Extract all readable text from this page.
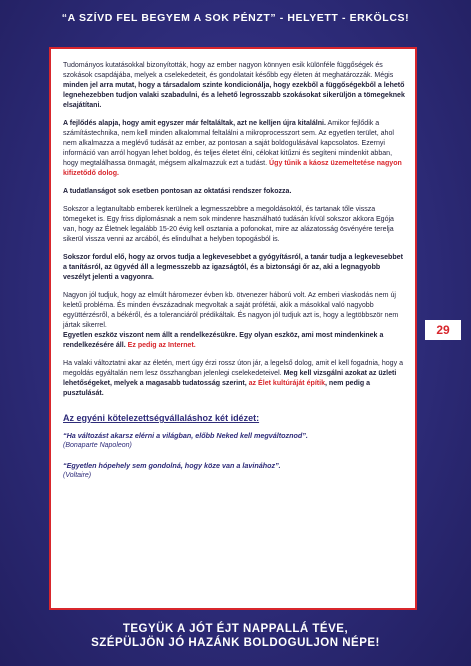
“A SZÍVD FEL BEGYEM A SOK PÉNZT” - HELYETT - ERKÖLCS!

Tudományos kutatásokkal bizonyították, hogy az ember nagyon könnyen esik különféle függőségek és szokások csapdájába, melyek a cselekedeteit, és gondolatait később egy életen át meghatározzák. Mégis minden jel arra mutat, hogy a társadalom szinte kondicionálja, hogy ezekből a függőségekből a lehető legnehezebben tudjon valaki szabadulni, és a lehető legrosszabb szokásokat sikerüljön a tömegeknek elsajátítani.

A fejlődés alapja, hogy amit egyszer már feltaláltak, azt ne kelljen újra kitalálni. Amikor fejlődik a számítástechnika, nem kell minden alkalommal feltalálni a mikroprocesszort sem. Az egyetlen terület, ahol nem alkalmazza a meglévő tudását az ember, az pontosan a saját boldogulásával kapcsolatos. Ezernyi információ van arról hogyan lehet boldog, és teljes életet élni, célokat kitűzni és segíteni mindenkit abban, hogy megtalálhassa önmagát, mégsem alkalmazzuk ezt a tudást. Úgy tűnik a káosz üzemeltetése nagyon kifizetődő dolog.

A tudatlanságot sok esetben pontosan az oktatási rendszer fokozza.

Sokszor a legtanultabb emberek kerülnek a legmesszebbre a megoldásoktól, és tartanak tőle vissza tömegeket is. Egy friss diplomásnak a nem sok mindenre használható tudásán kívül sokszor akkora Egója van, hogy az Életnek legalább 15-20 évig kell osztania a pofonokat, mire az alázatosság ösvényére terelja sikerül vissza venni az arcából, és elindulhat a helyben topogásból is.

Sokszor fordul elő, hogy az orvos tudja a legkevesebbet a gyógyításról, a tanár tudja a legkevesebbet a tanításról, az ügyvéd áll a legmesszebb az igazságtól, és a biztonsági őr az, aki a legnagyobb veszélyt jelenti a vagyonra.

Nagyon jól tudjuk, hogy az elmúlt háromezer évben kb. ötvenezer háború volt. Az emberi viaskodás nem új keletű probléma. És minden évszázadnak megvoltak a saját prófétái, akik a másokkal való nagyobb együttérzésről, a békéről, és a toleranciáról prédikáltak. És nagyon jól tudjuk azt is, hogy a legtöbbször nem jártak sikerrel.
Egyetlen eszköz viszont nem állt a rendelkezésükre. Egy olyan eszköz, ami most mindenkinek a rendelkezésére áll. Ez pedig az Internet.

Ha valaki változtatni akar az életén, mert úgy érzi rossz úton jár, a legelső dolog, amit el kell fogadnia, hogy a megoldás egyáltalán nem lesz összhangban jelenlegi cselekedeteivel. Meg kell vizsgálni azokat az üzleti lehetőségeket, melyek a magasabb tudatosság szerint, az Élet kultúráját építik, nem pedig a pusztulását.

Az egyéni kötelezettségvállaláshoz két idézet:
“Ha változást akarsz elérni a világban, előbb Neked kell megváltoznod”.
(Bonaparte Napoleon)
“Egyetlen hópehely sem gondolná, hogy köze van a lavinához”.
(Voltaire)
29
TEGYÜK A JÓT ÉJT NAPPALLÁ TÉVE,
SZÉPÜLJÖN JÓ HAZÁNK BOLDOGULJON NÉPE!
